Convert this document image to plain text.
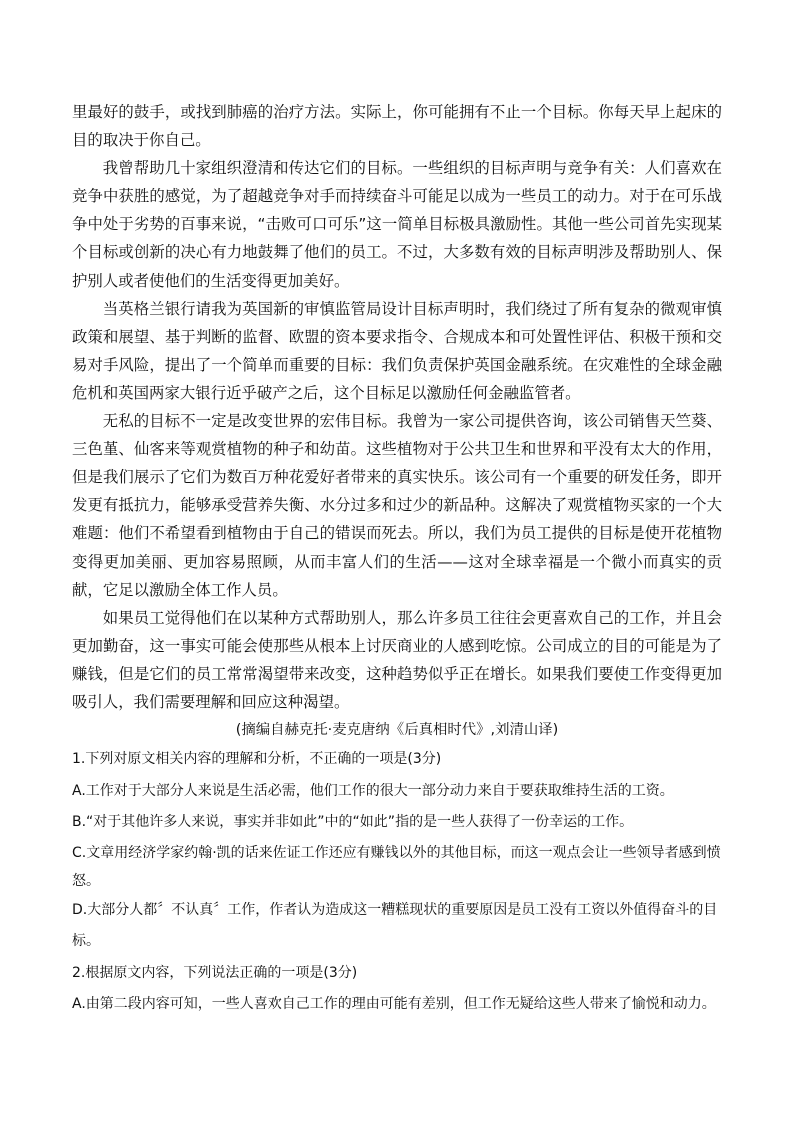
里最好的鼓手，或找到肺癌的治疗方法。实际上，你可能拥有不止一个目标。你每天早上起床的目的取决于你自己。

我曾帮助几十家组织澄清和传达它们的目标。一些组织的目标声明与竞争有关：人们喜欢在竞争中获胜的感觉，为了超越竞争对手而持续奋斗可能足以成为一些员工的动力。对于在可乐战争中处于劣势的百事来说，“击败可口可乐”这一简单目标极具激励性。其他一些公司首先实现某个目标或创新的决心有力地鼓舞了他们的员工。不过，大多数有效的目标声明涉及帮助别人、保护别人或者使他们的生活变得更加美好。

当英格兰银行请我为英国新的审慎监管局设计目标声明时，我们绕过了所有复杂的微观审慎政策和展望、基于判断的监督、欧盟的资本要求指令、合规成本和可处置性评估、积极干预和交易对手风险，提出了一个简单而重要的目标：我们负责保护英国金融系统。在灾难性的全球金融危机和英国两家大银行近乎破产之后，这个目标足以激励任何金融监管者。

无私的目标不一定是改变世界的宏伟目标。我曾为一家公司提供咨询，该公司销售天竺葵、三色堇、仙客来等观赏植物的种子和幼苗。这些植物对于公共卫生和世界和平没有太大的作用，但是我们展示了它们为数百万种花爱好者带来的真实快乐。该公司有一个重要的研发任务，即开发更有抵抗力，能够承受营养失衡、水分过多和过少的新品种。这解决了观赏植物买家的一个大难题：他们不希望看到植物由于自己的错误而死去。所以，我们为员工提供的目标是使开花植物变得更加美丽、更加容易照顾，从而丰富人们的生活——这对全球幸福是一个微小而真实的贡献，它足以激励全体工作人员。

如果员工觉得他们在以某种方式帮助别人，那么许多员工往往会更喜欢自己的工作，并且会更加勤奋，这一事实可能会使那些从根本上讨厌商业的人感到吃惊。公司成立的目的可能是为了赚钱，但是它们的员工常常渴望带来改变，这种趋势似乎正在增长。如果我们要使工作变得更加吸引人，我们需要理解和回应这种渴望。

(摘编自赫克托·麦克唐纳《后真相时代》,刘清山译)

1.下列对原文相关内容的理解和分析，不正确的一项是(3分)

A.工作对于大部分人来说是生活必需，他们工作的很大一部分动力来自于要获取维持生活的工资。

B.“对于其他许多人来说，事实并非如此”中的“如此”指的是一些人获得了一份幸运的工作。

C.文章用经济学家约翰·凯的话来佐证工作还应有赚钱以外的其他目标，而这一观点会让一些领导者感到愤怒。

D.大部分人都〞不认真〞工作，作者认为造成这一糟糕现状的重要原因是员工没有工资以外值得奋斗的目标。

2.根据原文内容，下列说法正确的一项是(3分)

A.由第二段内容可知，一些人喜欢自己工作的理由可能有差别，但工作无疑给这些人带来了愉悦和动力。
